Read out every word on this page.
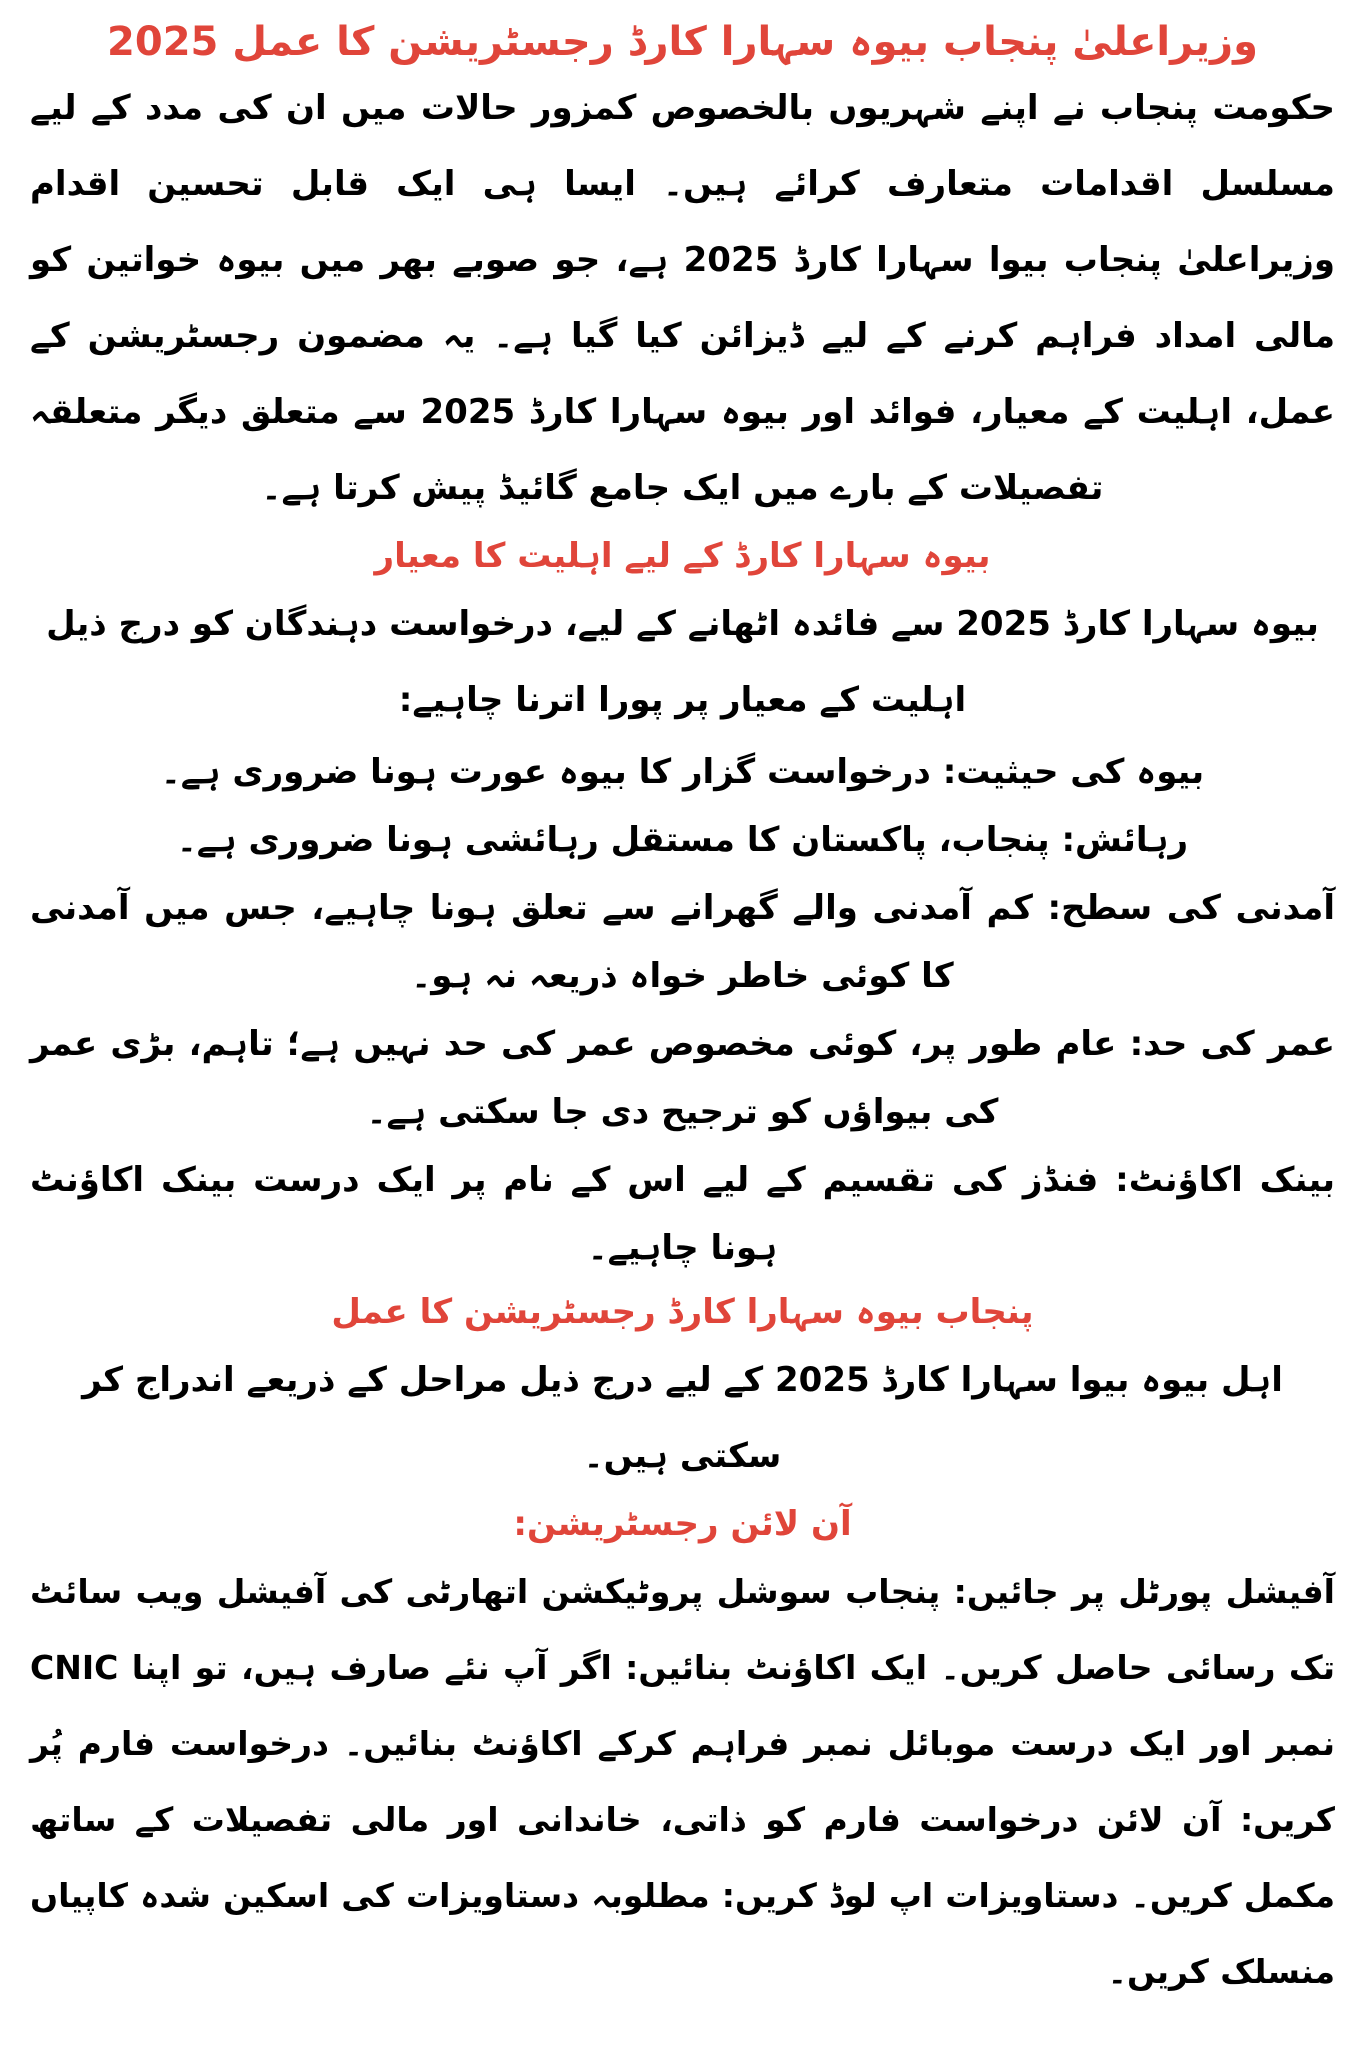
وزیراعلیٰ پنجاب بیوہ سہارا کارڈ رجسٹریشن کا عمل 2025

حکومت پنجاب نے اپنے شہریوں بالخصوص کمزور حالات میں ان کی مدد کے لیے مسلسل اقدامات متعارف کرائے ہیں۔ ایسا ہی ایک قابل تحسین اقدام وزیراعلیٰ پنجاب بیوا سہارا کارڈ 2025 ہے، جو صوبے بھر میں بیوہ خواتین کو مالی امداد فراہم کرنے کے لیے ڈیزائن کیا گیا ہے۔ یہ مضمون رجسٹریشن کے عمل، اہلیت کے معیار، فوائد اور بیوہ سہارا کارڈ 2025 سے متعلق دیگر متعلقہ تفصیلات کے بارے میں ایک جامع گائیڈ پیش کرتا ہے۔

بیوہ سہارا کارڈ کے لیے اہلیت کا معیار

بیوہ سہارا کارڈ 2025 سے فائدہ اٹھانے کے لیے، درخواست دہندگان کو درج ذیل اہلیت کے معیار پر پورا اترنا چاہیے:

بیوہ کی حیثیت: درخواست گزار کا بیوہ عورت ہونا ضروری ہے۔

رہائش: پنجاب، پاکستان کا مستقل رہائشی ہونا ضروری ہے۔

آمدنی کی سطح: کم آمدنی والے گھرانے سے تعلق ہونا چاہیے، جس میں آمدنی کا کوئی خاطر خواہ ذریعہ نہ ہو۔

عمر کی حد: عام طور پر، کوئی مخصوص عمر کی حد نہیں ہے؛ تاہم، بڑی عمر کی بیواؤں کو ترجیح دی جا سکتی ہے۔

بینک اکاؤنٹ: فنڈز کی تقسیم کے لیے اس کے نام پر ایک درست بینک اکاؤنٹ ہونا چاہیے۔

پنجاب بیوہ سہارا کارڈ رجسٹریشن کا عمل

اہل بیوہ بیوا سہارا کارڈ 2025 کے لیے درج ذیل مراحل کے ذریعے اندراج کر سکتی ہیں۔

آن لائن رجسٹریشن:

آفیشل پورٹل پر جائیں: پنجاب سوشل پروٹیکشن اتھارٹی کی آفیشل ویب سائٹ تک رسائی حاصل کریں۔ ایک اکاؤنٹ بنائیں: اگر آپ نئے صارف ہیں، تو اپنا CNIC نمبر اور ایک درست موبائل نمبر فراہم کرکے اکاؤنٹ بنائیں۔ درخواست فارم پُر کریں: آن لائن درخواست فارم کو ذاتی، خاندانی اور مالی تفصیلات کے ساتھ مکمل کریں۔ دستاویزات اپ لوڈ کریں: مطلوبہ دستاویزات کی اسکین شدہ کاپیاں منسلک کریں۔
